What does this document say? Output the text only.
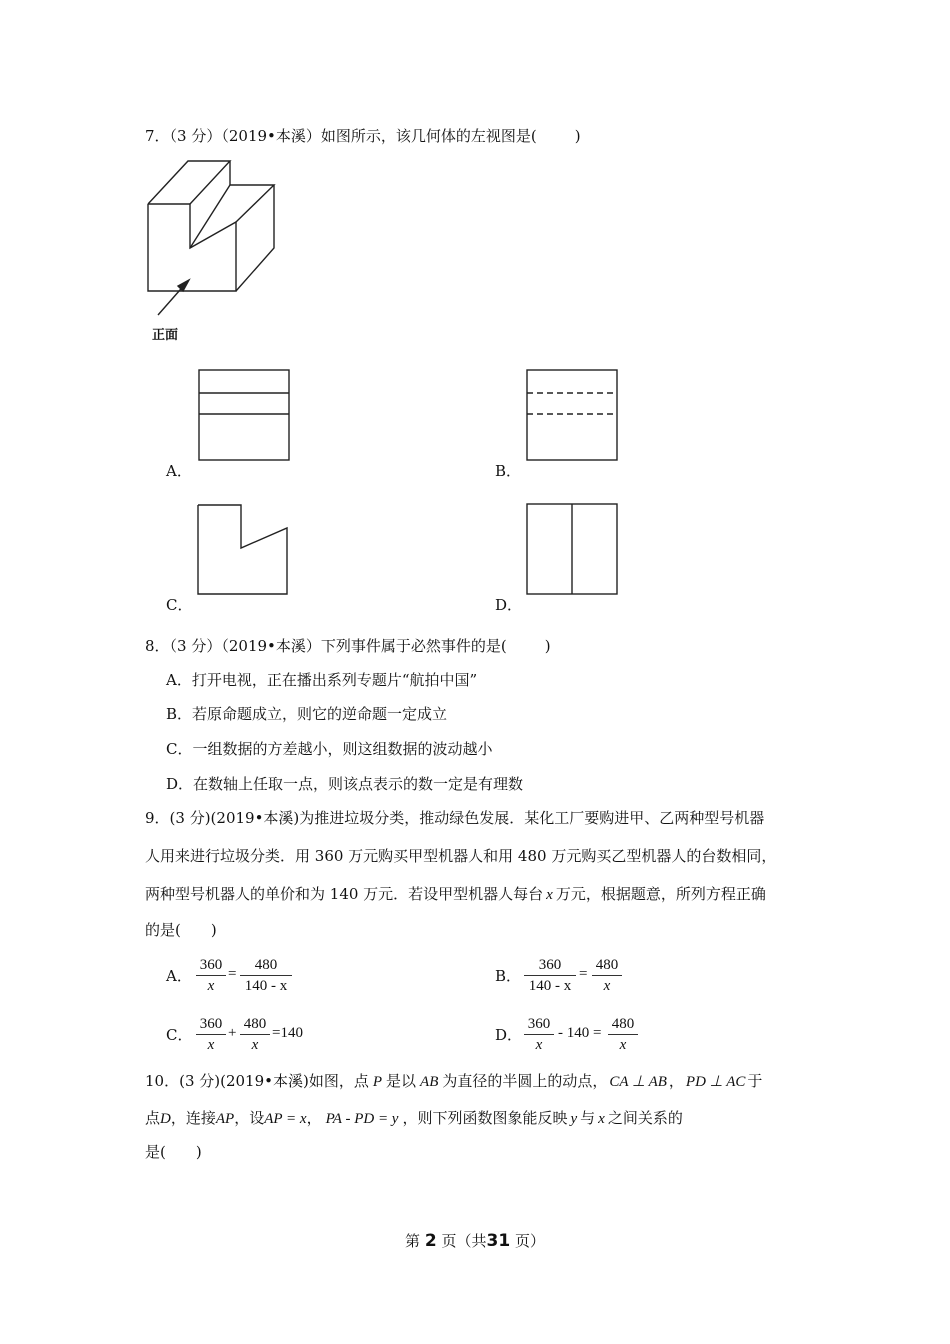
7．（3 分）（2019•本溪）如图所示，该几何体的左视图是(	)
正面
A．	B．
C．	D．
8．（3 分）（2019•本溪）下列事件属于必然事件的是(	)
A．打开电视，正在播出系列专题片“航拍中国”
B．若原命题成立，则它的逆命题一定成立
C．一组数据的方差越小，则这组数据的波动越小
D．在数轴上任取一点，则该点表示的数一定是有理数
9．(3 分)(2019•本溪)为推进垃圾分类，推动绿色发展．某化工厂要购进甲、乙两种型号机器
人用来进行垃圾分类．用 360 万元购买甲型机器人和用 480 万元购买乙型机器人的台数相同，
两种型号机器人的单价和为 140 万元．若设甲型机器人每台 x 万元，根据题意，所列方程正确
的是(　　)
A．
360
x
=
480
140 - x
B．
360
140 - x
=
480
x
C．
360
x
+
480
x
=140	D．
360
x
- 140 =
480
x
10．(3 分)(2019•本溪)如图，点 P 是以 AB 为直径的半圆上的动点， CA ⊥ AB ， PD ⊥ AC 于
点D，连接AP，设AP = x， PA - PD = y ，则下列函数图象能反映 y 与 x 之间关系的
是(　　)
第 2 页（共31 页）
